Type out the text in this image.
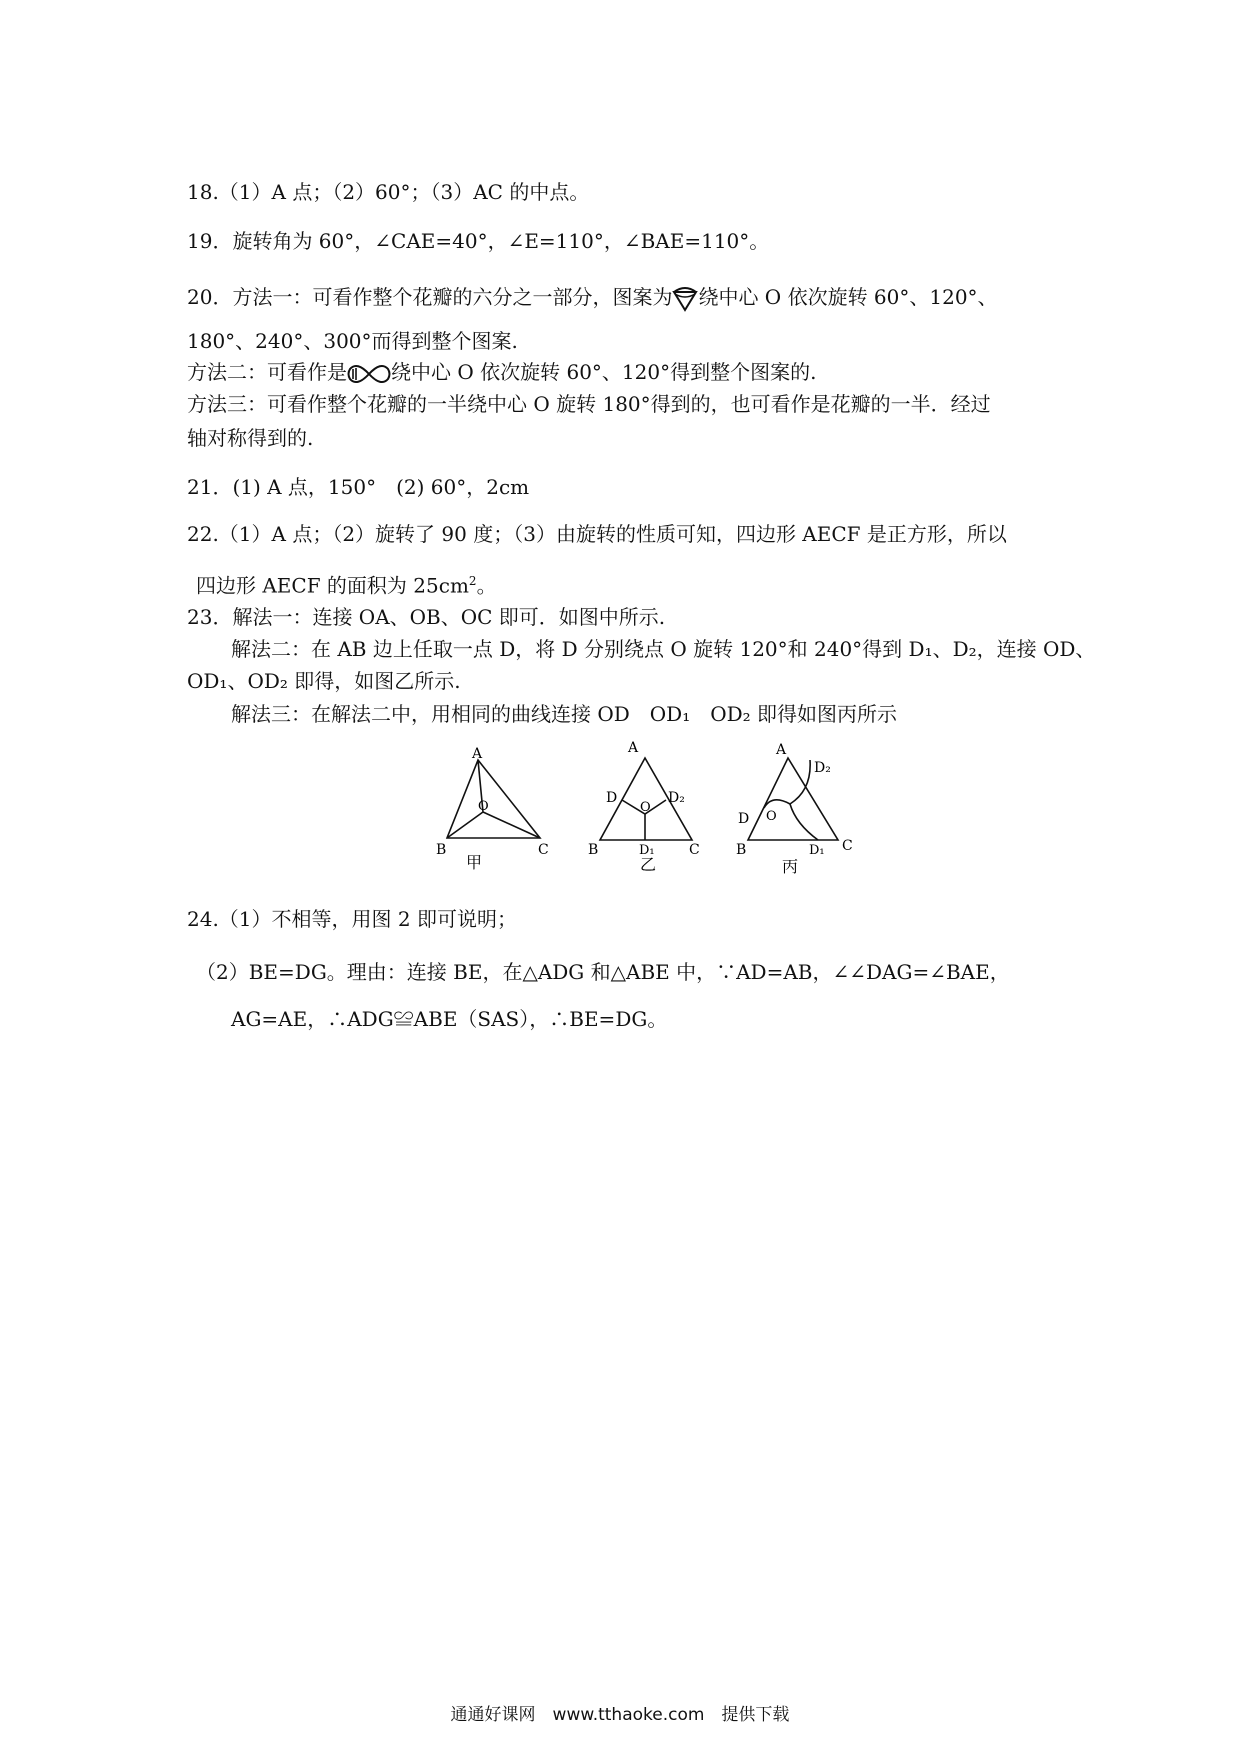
18.（1）A 点；（2）60°；（3）AC 的中点。
19．旋转角为 60°，∠CAE=40°，∠E=110°，∠BAE=110°。
20．方法一：可看作整个花瓣的六分之一部分，图案为 绕中心 O 依次旋转 60°、120°、
180°、240°、300°而得到整个图案.
方法二：可看作是 绕中心 O 依次旋转 60°、120°得到整个图案的.
方法三：可看作整个花瓣的一半绕中心 O 旋转 180°得到的，也可看作是花瓣的一半．经过
轴对称得到的.
21．(1) A 点，150°　(2) 60°，2cm
22.（1）A 点；（2）旋转了 90 度；（3）由旋转的性质可知，四边形 AECF 是正方形，所以
四边形 AECF 的面积为 $25cm^2$。
23．解法一：连接 OA、OB、OC 即可．如图中所示.
解法二：在 AB 边上任取一点 D，将 D 分别绕点 O 旋转 120°和 240°得到 D₁、D₂，连接 OD、
OD₁、OD₂ 即得，如图乙所示.
解法三：在解法二中，用相同的曲线连接 OD　OD₁　OD₂ 即得如图丙所示
A
B	C
O
甲
A
B	C
D	D₂
O
D₁
乙
A
B	C
D
D₂
O
D₁
丙
24.（1）不相等，用图 2 即可说明；
（2）BE=DG。理由：连接 BE，在△ADG 和△ABE 中，∵AD=AB，∠∠DAG=∠BAE，
AG=AE，∴ADG≌ABE（SAS），∴BE=DG。
通通好课网　www.tthaoke.com　提供下载
